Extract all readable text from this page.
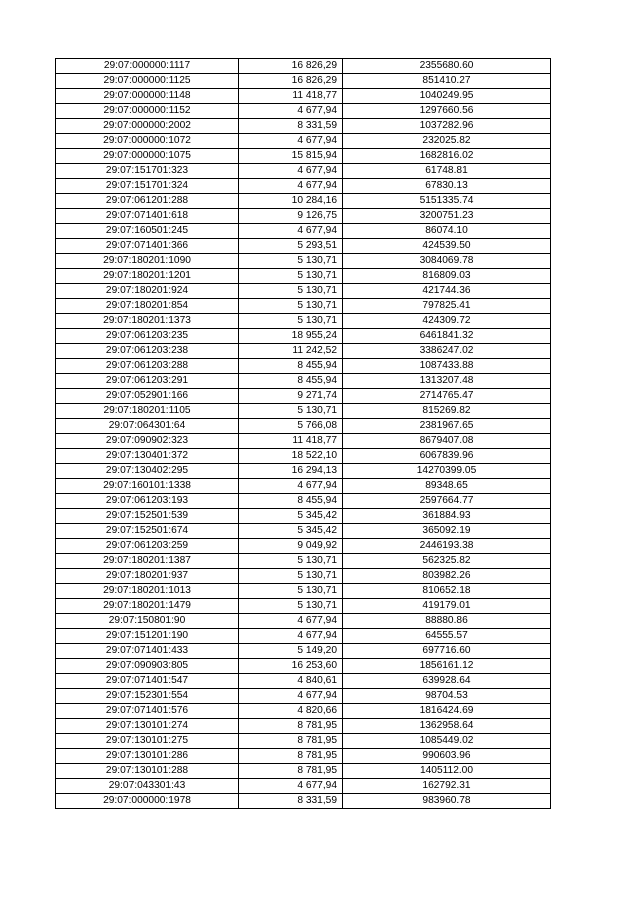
29:07:000000:1117	16 826,29	2355680.60
29:07:000000:1125	16 826,29	851410.27
29:07:000000:1148	11 418,77	1040249.95
29:07:000000:1152	4 677,94	1297660.56
29:07:000000:2002	8 331,59	1037282.96
29:07:000000:1072	4 677,94	232025.82
29:07:000000:1075	15 815,94	1682816.02
29:07:151701:323	4 677,94	61748.81
29:07:151701:324	4 677,94	67830.13
29:07:061201:288	10 284,16	5151335.74
29:07:071401:618	9 126,75	3200751.23
29:07:160501:245	4 677,94	86074.10
29:07:071401:366	5 293,51	424539.50
29:07:180201:1090	5 130,71	3084069.78
29:07:180201:1201	5 130,71	816809.03
29:07:180201:924	5 130,71	421744.36
29:07:180201:854	5 130,71	797825.41
29:07:180201:1373	5 130,71	424309.72
29:07:061203:235	18 955,24	6461841.32
29:07:061203:238	11 242,52	3386247.02
29:07:061203:288	8 455,94	1087433.88
29:07:061203:291	8 455,94	1313207.48
29:07:052901:166	9 271,74	2714765.47
29:07:180201:1105	5 130,71	815269.82
29:07:064301:64	5 766,08	2381967.65
29:07:090902:323	11 418,77	8679407.08
29:07:130401:372	18 522,10	6067839.96
29:07:130402:295	16 294,13	14270399.05
29:07:160101:1338	4 677,94	89348.65
29:07:061203:193	8 455,94	2597664.77
29:07:152501:539	5 345,42	361884.93
29:07:152501:674	5 345,42	365092.19
29:07:061203:259	9 049,92	2446193.38
29:07:180201:1387	5 130,71	562325.82
29:07:180201:937	5 130,71	803982.26
29:07:180201:1013	5 130,71	810652.18
29:07:180201:1479	5 130,71	419179.01
29:07:150801:90	4 677,94	88880.86
29:07:151201:190	4 677,94	64555.57
29:07:071401:433	5 149,20	697716.60
29:07:090903:805	16 253,60	1856161.12
29:07:071401:547	4 840,61	639928.64
29:07:152301:554	4 677,94	98704.53
29:07:071401:576	4 820,66	1816424.69
29:07:130101:274	8 781,95	1362958.64
29:07:130101:275	8 781,95	1085449.02
29:07:130101:286	8 781,95	990603.96
29:07:130101:288	8 781,95	1405112.00
29:07:043301:43	4 677,94	162792.31
29:07:000000:1978	8 331,59	983960.78
